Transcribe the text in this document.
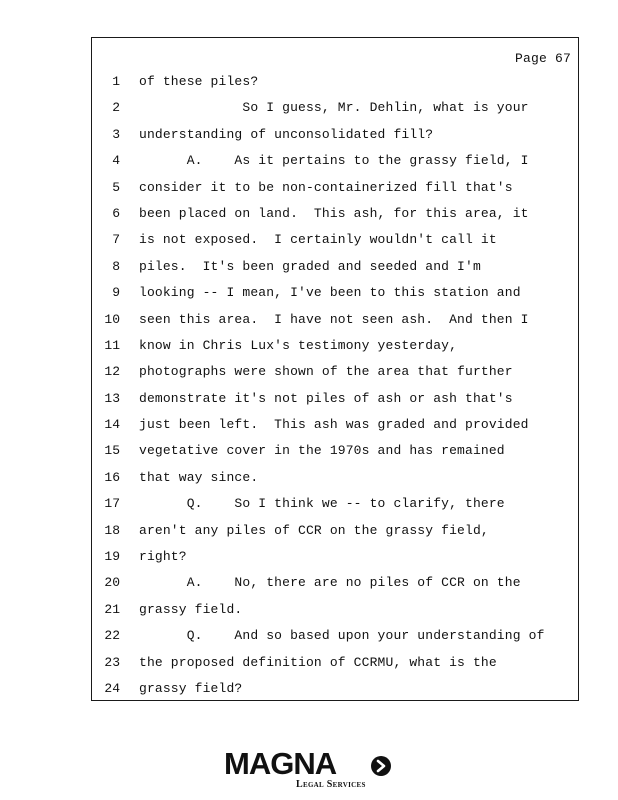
Page 67
1 of these piles?
2 So I guess, Mr. Dehlin, what is your
3 understanding of unconsolidated fill?
4 A.    As it pertains to the grassy field, I
5 consider it to be non-containerized fill that's
6 been placed on land.  This ash, for this area, it
7 is not exposed.  I certainly wouldn't call it
8 piles.  It's been graded and seeded and I'm
9 looking -- I mean, I've been to this station and
10 seen this area.  I have not seen ash.  And then I
11 know in Chris Lux's testimony yesterday,
12 photographs were shown of the area that further
13 demonstrate it's not piles of ash or ash that's
14 just been left.  This ash was graded and provided
15 vegetative cover in the 1970s and has remained
16 that way since.
17 Q.    So I think we -- to clarify, there
18 aren't any piles of CCR on the grassy field,
19 right?
20 A.    No, there are no piles of CCR on the
21 grassy field.
22 Q.    And so based upon your understanding of
23 the proposed definition of CCRMU, what is the
24 grassy field?
MAGNA
Legal Services
